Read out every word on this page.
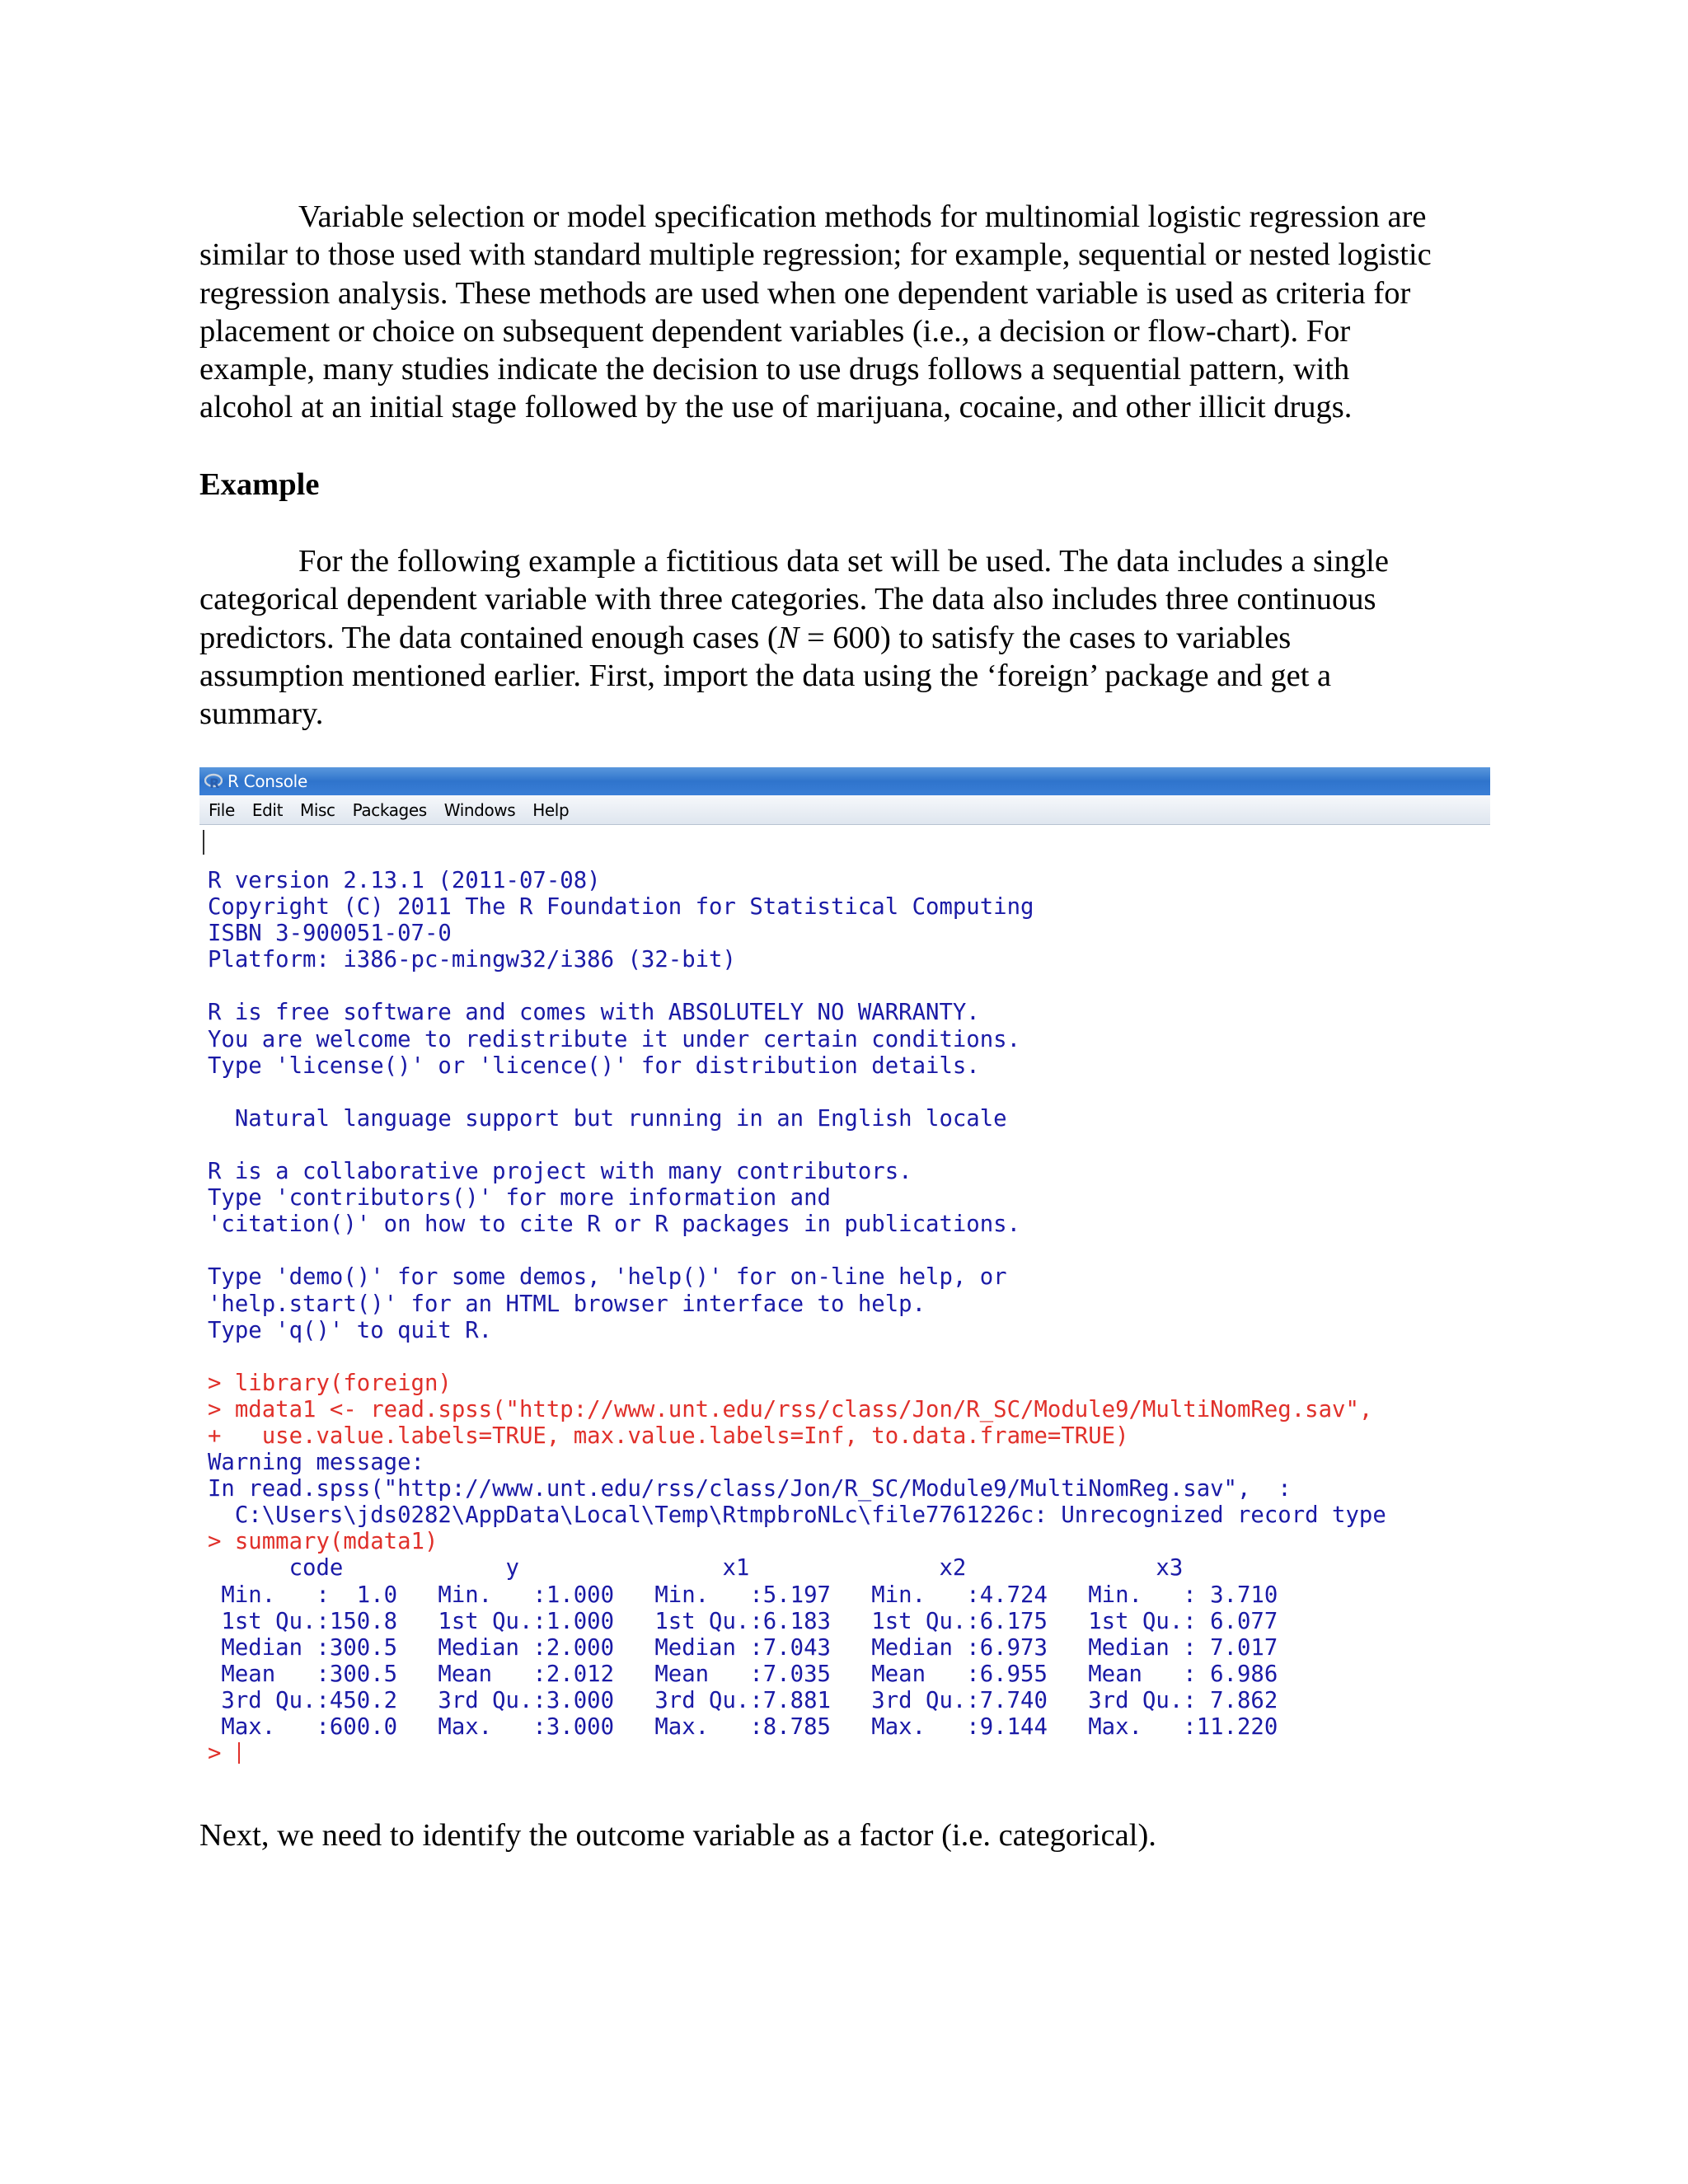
Variable selection or model specification methods for multinomial logistic regression are
similar to those used with standard multiple regression; for example, sequential or nested logistic
regression analysis. These methods are used when one dependent variable is used as criteria for
placement or choice on subsequent dependent variables (i.e., a decision or flow-chart). For
example, many studies indicate the decision to use drugs follows a sequential pattern, with
alcohol at an initial stage followed by the use of marijuana, cocaine, and other illicit drugs.

Example

For the following example a fictitious data set will be used. The data includes a single
categorical dependent variable with three categories. The data also includes three continuous
predictors. The data contained enough cases (N = 600) to satisfy the cases to variables
assumption mentioned earlier. First, import the data using the ‘foreign’ package and get a
summary.

R R Console
File	Edit	Misc	Packages	Windows	Help
R version 2.13.1 (2011-07-08)
Copyright (C) 2011 The R Foundation for Statistical Computing
ISBN 3-900051-07-0
Platform: i386-pc-mingw32/i386 (32-bit)

R is free software and comes with ABSOLUTELY NO WARRANTY.
You are welcome to redistribute it under certain conditions.
Type 'license()' or 'licence()' for distribution details.

Natural language support but running in an English locale

R is a collaborative project with many contributors.
Type 'contributors()' for more information and
'citation()' on how to cite R or R packages in publications.

Type 'demo()' for some demos, 'help()' for on-line help, or
'help.start()' for an HTML browser interface to help.
Type 'q()' to quit R.

> library(foreign)
> mdata1 <- read.spss("http://www.unt.edu/rss/class/Jon/R_SC/Module9/MultiNomReg.sav",
+   use.value.labels=TRUE, max.value.labels=Inf, to.data.frame=TRUE)
Warning message:
In read.spss("http://www.unt.edu/rss/class/Jon/R_SC/Module9/MultiNomReg.sav",  :
C:\Users\jds0282\AppData\Local\Temp\RtmpbroNLc\file7761226c: Unrecognized record type
> summary(mdata1)
code            y               x1              x2              x3
Min.   :  1.0   Min.   :1.000   Min.   :5.197   Min.   :4.724   Min.   : 3.710
1st Qu.:150.8   1st Qu.:1.000   1st Qu.:6.183   1st Qu.:6.175   1st Qu.: 6.077
Median :300.5   Median :2.000   Median :7.043   Median :6.973   Median : 7.017
Mean   :300.5   Mean   :2.012   Mean   :7.035   Mean   :6.955   Mean   : 6.986
3rd Qu.:450.2   3rd Qu.:3.000   3rd Qu.:7.881   3rd Qu.:7.740   3rd Qu.: 7.862
Max.   :600.0   Max.   :3.000   Max.   :8.785   Max.   :9.144   Max.   :11.220
>

Next, we need to identify the outcome variable as a factor (i.e. categorical).
